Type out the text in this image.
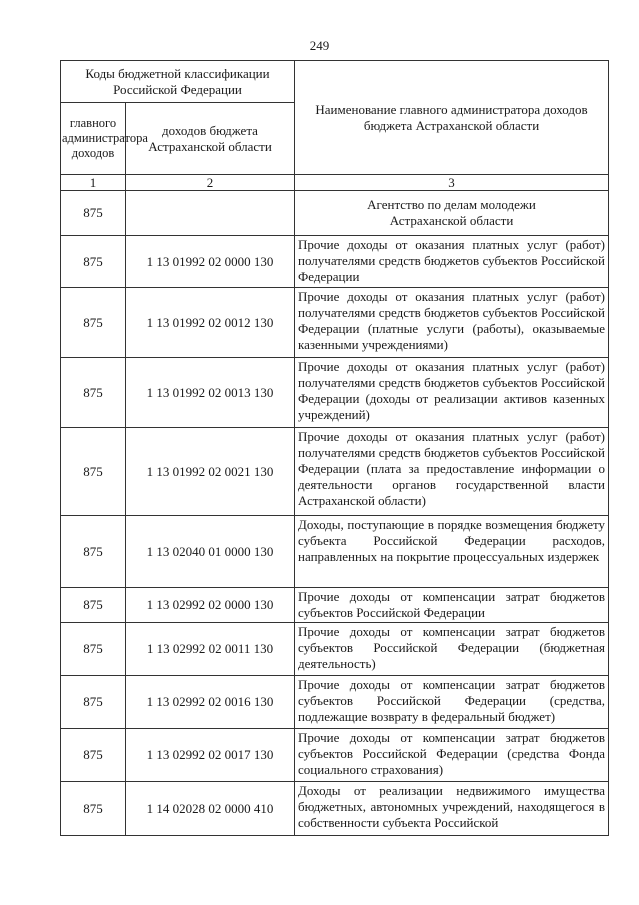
249
Коды бюджетной классификации Российской Федерации		Наименование главного администратора доходов бюджета Астраханской области
главного администратора доходов	доходов бюджета Астраханской области	
1	2	3
875		Агентство по делам молодежи Астраханской области
875	1 13 01992 02 0000 130	Прочие доходы от оказания платных услуг (работ) получателями средств бюджетов субъектов Российской Федерации
875	1 13 01992 02 0012 130	Прочие доходы от оказания платных услуг (работ) получателями средств бюджетов субъектов Российской Федерации (платные услуги (работы), оказываемые казенными учреждениями)
875	1 13 01992 02 0013 130	Прочие доходы от оказания платных услуг (работ) получателями средств бюджетов субъектов Российской Федерации (доходы от реализации активов казенных учреждений)
875	1 13 01992 02 0021 130	Прочие доходы от оказания платных услуг (работ) получателями средств бюджетов субъектов Российской Федерации (плата за предоставление информации о деятельности органов государственной власти Астраханской области)
875	1 13 02040 01 0000 130	Доходы, поступающие в порядке возмещения бюджету субъекта Российской Федерации расходов, направленных на покрытие процессуальных издержек
875	1 13 02992 02 0000 130	Прочие доходы от компенсации затрат бюджетов субъектов Российской Федерации
875	1 13 02992 02 0011 130	Прочие доходы от компенсации затрат бюджетов субъектов Российской Федерации (бюджетная деятельность)
875	1 13 02992 02 0016 130	Прочие доходы от компенсации затрат бюджетов субъектов Российской Федерации (средства, подлежащие возврату в федеральный бюджет)
875	1 13 02992 02 0017 130	Прочие доходы от компенсации затрат бюджетов субъектов Российской Федерации (средства Фонда социального страхования)
875	1 14 02028 02 0000 410	Доходы от реализации недвижимого имущества бюджетных, автономных учреждений, находящегося в собственности субъекта Российской
